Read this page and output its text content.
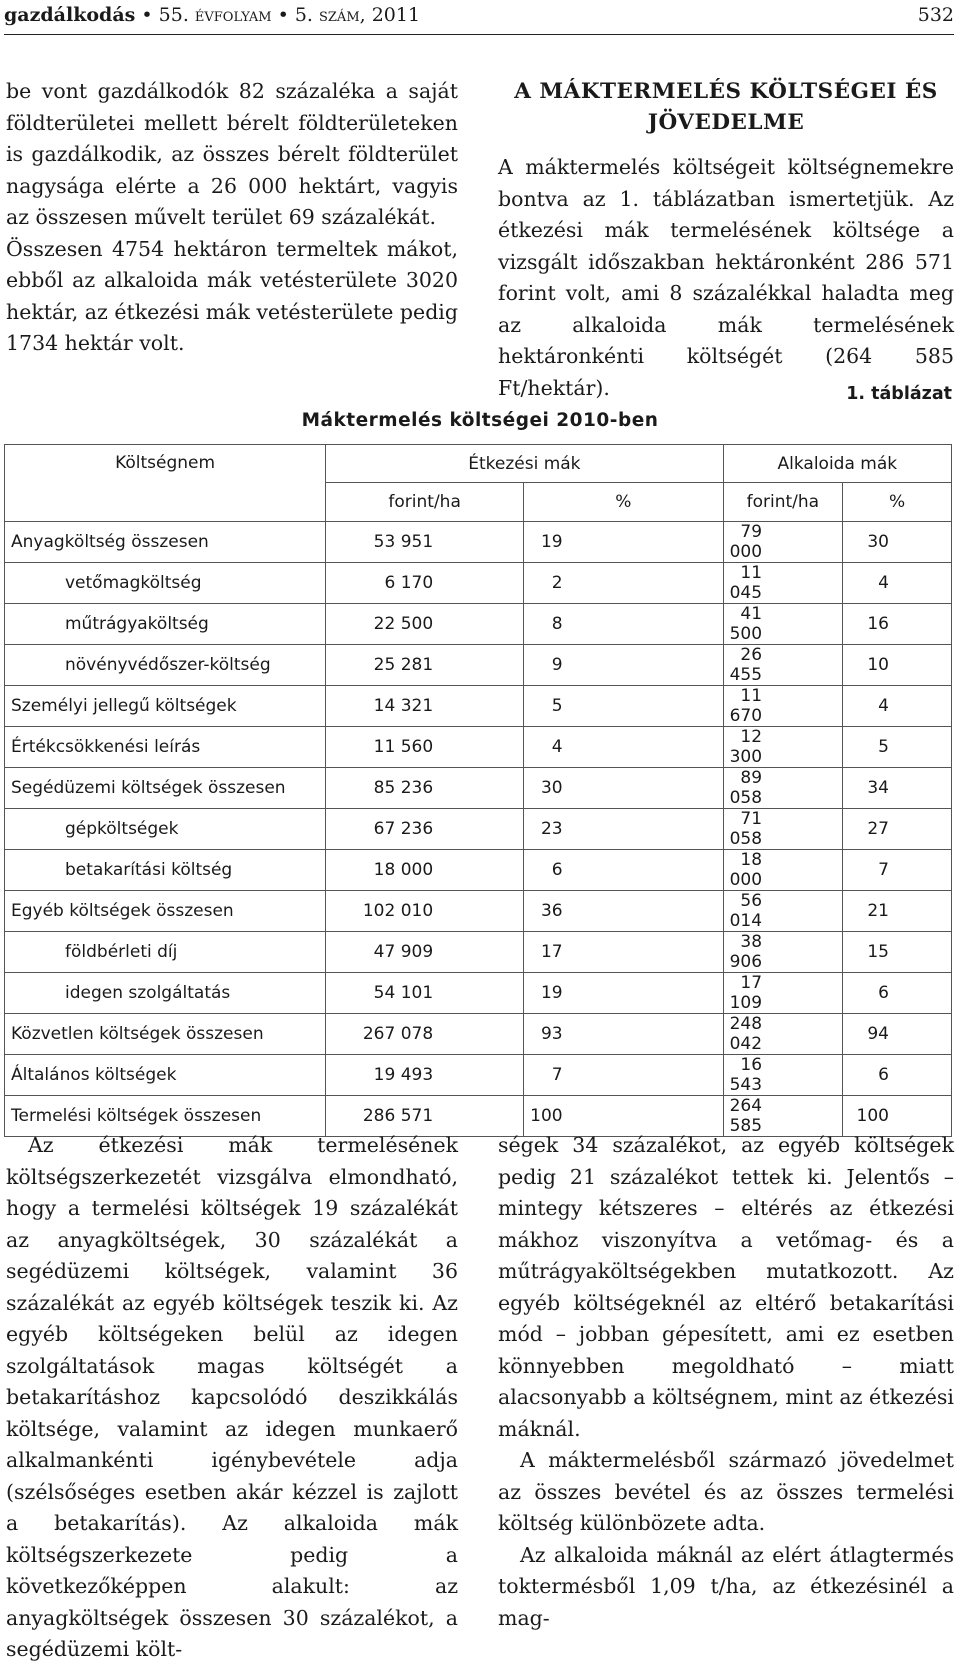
gazdálkodás • 55. évfolyam • 5. szám, 2011	532

be vont gazdálkodók 82 százaléka a saját földterületei mellett bérelt földterületeken is gazdálkodik, az összes bérelt földterület nagysága elérte a 26 000 hektárt, vagyis az összesen művelt terület 69 százalékát.

Összesen 4754 hektáron termeltek mákot, ebből az alkaloida mák vetésterülete 3020 hektár, az étkezési mák vetésterülete pedig 1734 hektár volt.

A MÁKTERMELÉS KÖLTSÉGEI ÉS JÖVEDELME

A máktermelés költségeit költségnemekre bontva az 1. táblázatban ismertetjük. Az étkezési mák termelésének költsége a vizsgált időszakban hektáronként 286 571 forint volt, ami 8 százalékkal haladta meg az alkaloida mák termelésének hektáronkénti költségét (264 585 Ft/hektár).	1. táblázat
Máktermelés költségei 2010-ben
Költségnem	Étkezési mák		Alkaloida mák	
	forint/ha	%	forint/ha	%
Anyagköltség összesen	53 951	19	79 000	30
vetőmagköltség	6 170	2	11 045	4
műtrágyaköltség	22 500	8	41 500	16
növényvédőszer-költség	25 281	9	26 455	10
Személyi jellegű költségek	14 321	5	11 670	4
Értékcsökkenési leírás	11 560	4	12 300	5
Segédüzemi költségek összesen	85 236	30	89 058	34
gépköltségek	67 236	23	71 058	27
betakarítási költség	18 000	6	18 000	7
Egyéb költségek összesen	102 010	36	56 014	21
földbérleti díj	47 909	17	38 906	15
idegen szolgáltatás	54 101	19	17 109	6
Közvetlen költségek összesen	267 078	93	248 042	94
Általános költségek	19 493	7	16 543	6
Termelési költségek összesen	286 571	100	264 585	100

Az étkezési mák termelésének költségszerkezetét vizsgálva elmondható, hogy a termelési költségek 19 százalékát az anyagköltségek, 30 százalékát a segédüzemi költségek, valamint 36 százalékát az egyéb költségek teszik ki. Az egyéb költségeken belül az idegen szolgáltatások magas költségét a betakarításhoz kapcsolódó deszikkálás költsége, valamint az idegen munkaerő alkalmankénti igénybevétele adja (szélsőséges esetben akár kézzel is zajlott a betakarítás). Az alkaloida mák költségszerkezete pedig a következőképpen alakult: az anyagköltségek összesen 30 százalékot, a segédüzemi költ-

ségek 34 százalékot, az egyéb költségek pedig 21 százalékot tettek ki. Jelentős – mintegy kétszeres – eltérés az étkezési mákhoz viszonyítva a vetőmag- és a műtrágyaköltségekben mutatkozott. Az egyéb költségeknél az eltérő betakarítási mód – jobban gépesített, ami ez esetben könnyebben megoldható – miatt alacsonyabb a költségnem, mint az étkezési máknál.

A máktermelésből származó jövedelmet az összes bevétel és az összes termelési költség különbözete adta.

Az alkaloida máknál az elért átlagtermés toktermésből 1,09 t/ha, az étkezésinél a mag-
